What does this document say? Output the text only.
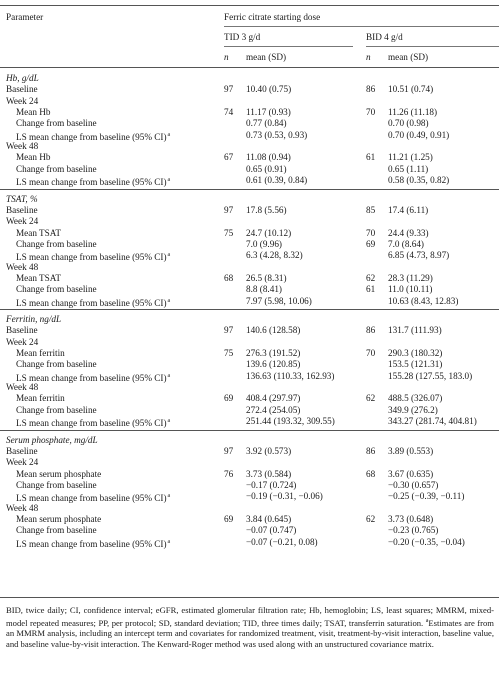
Parameter	Ferric citrate starting dose
TID 3 g/d	BID 4 g/d
n mean (SD)	n mean (SD)
Hb, g/dL
Baseline	97 10.40 (0.75)	86 10.51 (0.74)
Week 24
Mean Hb	74 11.17 (0.93)	70 11.26 (11.18)
Change from baseline	0.77 (0.84)	0.70 (0.98)
LS mean change from baseline (95% CI)$^a$	0.73 (0.53, 0.93)	0.70 (0.49, 0.91)
Week 48
Mean Hb	67 11.08 (0.94)	61 11.21 (1.25)
Change from baseline	0.65 (0.91)	0.65 (1.11)
LS mean change from baseline (95% CI)$^a$	0.61 (0.39, 0.84)	0.58 (0.35, 0.82)
TSAT, %
Baseline	97 17.8 (5.56)	85 17.4 (6.11)
Week 24
Mean TSAT	75 24.7 (10.12)	70 24.4 (9.33)
Change from baseline	7.0 (9.96)	69 7.0 (8.64)
LS mean change from baseline (95% CI)$^a$	6.3 (4.28, 8.32)	6.85 (4.73, 8.97)
Week 48
Mean TSAT	68 26.5 (8.31)	62 28.3 (11.29)
Change from baseline	8.8 (8.41)	61 11.0 (10.11)
LS mean change from baseline (95% CI)$^a$	7.97 (5.98, 10.06)	10.63 (8.43, 12.83)
Ferritin, ng/dL
Baseline	97 140.6 (128.58)	86 131.7 (111.93)
Week 24
Mean ferritin	75 276.3 (191.52)	70 290.3 (180.32)
Change from baseline	139.6 (120.85)	153.5 (121.31)
LS mean change from baseline (95% CI)$^a$	136.63 (110.33, 162.93)	155.28 (127.55, 183.0)
Week 48
Mean ferritin	69 408.4 (297.97)	62 488.5 (326.07)
Change from baseline	272.4 (254.05)	349.9 (276.2)
LS mean change from baseline (95% CI)$^a$	251.44 (193.32, 309.55)	343.27 (281.74, 404.81)
Serum phosphate, mg/dL
Baseline	97 3.92 (0.573)	86 3.89 (0.553)
Week 24
Mean serum phosphate	76 3.73 (0.584)	68 3.67 (0.635)
Change from baseline	−0.17 (0.724)	−0.30 (0.657)
LS mean change from baseline (95% CI)$^a$	−0.19 (−0.31, −0.06)	−0.25 (−0.39, −0.11)
Week 48
Mean serum phosphate	69 3.84 (0.645)	62 3.73 (0.648)
Change from baseline	−0.07 (0.747)	−0.23 (0.765)
LS mean change from baseline (95% CI)$^a$	−0.07 (−0.21, 0.08)	−0.20 (−0.35, −0.04)
BID, twice daily; CI, confidence interval; eGFR, estimated glomerular filtration rate; Hb, hemoglobin; LS, least squares; MMRM, mixed-model repeated measures; PP, per protocol; SD, standard deviation; TID, three times daily; TSAT, transferrin saturation. $^a$Estimates are from an MMRM analysis, including an intercept term and covariates for randomized treatment, visit, treatment-by-visit interaction, baseline value, and baseline value-by-visit interaction. The Kenward-Roger method was used along with an unstructured covariance matrix.
